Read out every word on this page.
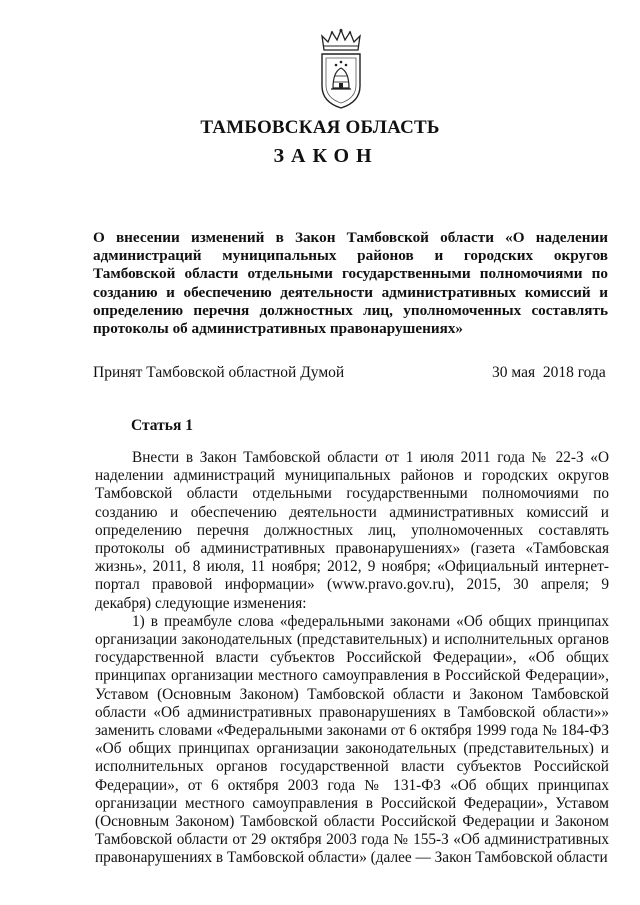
ТАМБОВСКАЯ ОБЛАСТЬ
ЗАКОН
О внесении изменений в Закон Тамбовской области «О наделении администраций муниципальных районов и городских округов Тамбовской области отдельными государственными полномочиями по созданию и обеспечению деятельности административных комиссий и определению перечня должностных лиц, уполномоченных составлять протоколы об административных правонарушениях»
Принят Тамбовской областной Думой	30 мая  2018 года
Статья 1

Внести в Закон Тамбовской области от 1 июля 2011 года № 22-З «О наделении администраций муниципальных районов и городских округов Тамбовской области отдельными государственными полномочиями по созданию и обеспечению деятельности административных комиссий и определению перечня должностных лиц, уполномоченных составлять протоколы об административных правонарушениях» (газета «Тамбовская жизнь», 2011, 8 июля, 11 ноября; 2012, 9 ноября; «Официальный интернет-портал правовой информации» (www.pravo.gov.ru), 2015, 30 апреля; 9 декабря) следующие изменения:

1) в преамбуле слова «федеральными законами «Об общих принципах организации законодательных (представительных) и исполнительных органов государственной власти субъектов Российской Федерации», «Об общих принципах организации местного самоуправления в Российской Федерации», Уставом (Основным Законом) Тамбовской области и Законом Тамбовской области «Об административных правонарушениях в Тамбовской области»» заменить словами «Федеральными законами от 6 октября 1999 года № 184-ФЗ «Об общих принципах организации законодательных (представительных) и исполнительных органов государственной власти субъектов Российской Федерации», от 6 октября 2003 года № 131-ФЗ «Об общих принципах организации местного самоуправления в Российской Федерации», Уставом (Основным Законом) Тамбовской области Российской Федерации и Законом Тамбовской области от 29 октября 2003 года № 155-З «Об административных правонарушениях в Тамбовской области» (далее — Закон Тамбовской области
